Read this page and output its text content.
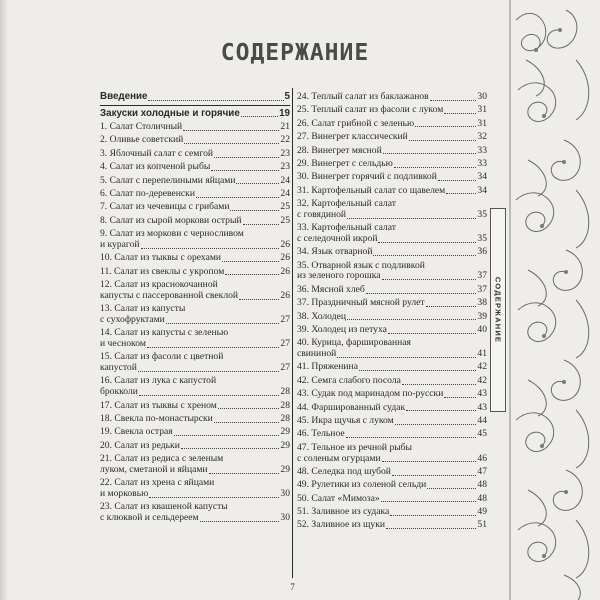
СОДЕРЖАНИЕ
Введение	5
Закуски холодные и горячие	19
1. Салат Столичный	21
2. Оливье советский	22
3. Яблочный салат с семгой	23
4. Салат из копченой рыбы	23
5. Салат с перепелиными яйцами	24
6. Салат по-деревенски	24
7. Салат из чечевицы с грибами	25
8. Салат из сырой моркови острый	25
9. Салат из моркови с черносливом
и курагой	26
10. Салат из тыквы с орехами	26
11. Салат из свеклы с укропом	26
12. Салат из краснокочанной
капусты с пассерованной свеклой	26
13. Салат из капусты
с сухофруктами	27
14. Салат из капусты с зеленью
и чесноком	27
15. Салат из фасоли с цветной
капустой	27
16. Салат из лука с капустой
брокколи	28
17. Салат из тыквы с хреном	28
18. Свекла по-монастырски	28
19. Свекла острая	29
20. Салат из редьки	29
21. Салат из редиса с зеленым
луком, сметаной и яйцами	29
22. Салат из хрена с яйцами
и морковью	30
23. Салат из квашеной капусты
с клюквой и сельдереем	30
24. Теплый салат из баклажанов	30
25. Теплый салат из фасоли с луком	31
26. Салат грибной с зеленью	31
27. Винегрет классический	32
28. Винегрет мясной	33
29. Винегрет с сельдью	33
30. Винегрет горячий с подливкой	34
31. Картофельный салат со щавелем	34
32. Картофельный салат
с говядиной	35
33. Картофельный салат
с селедочной икрой	35
34. Язык отварной	36
35. Отварной язык с подливкой
из зеленого горошка	37
36. Мясной хлеб	37
37. Праздничный мясной рулет	38
38. Холодец	39
39. Холодец из петуха	40
40. Курица, фаршированная
свининой	41
41. Пряженина	42
42. Семга слабого посола	42
43. Судак под маринадом по-русски	43
44. Фаршированный судак	43
45. Икра щучья с луком	44
46. Тельное	45
47. Тельное из речной рыбы
с соленым огурцами	46
48. Селедка под шубой	47
49. Рулетики из соленой сельди	48
50. Салат «Мимоза»	48
51. Заливное из судака	49
52. Заливное из щуки	51
СОДЕРЖАНИЕ
7
